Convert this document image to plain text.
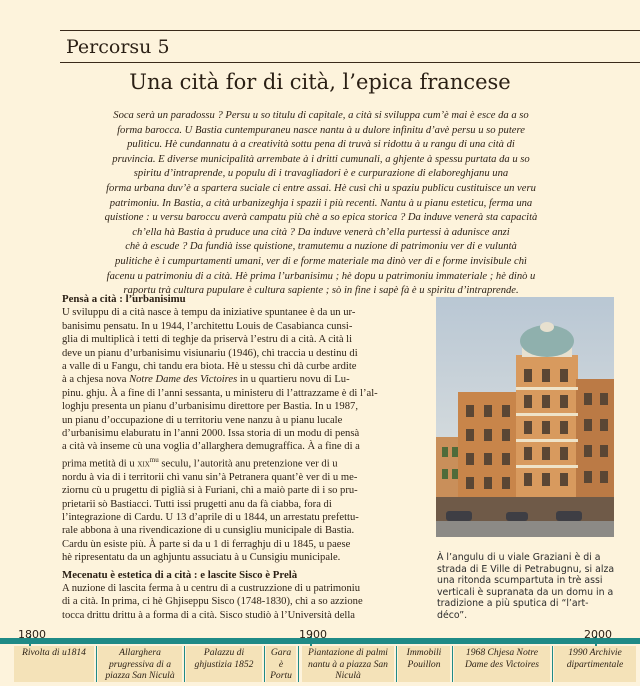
Percorsu 5
Una cità for di cità, l’epica francese

Soca serà un paradossu ? Persu u so titulu di capitale, a cità si sviluppa cum’è mai è esce da a so

forma barocca. U Bastia cuntempuraneu nasce nantu à u dulore infinitu d’avè persu u so putere

pulìticu. Hè cundannatu à a creatività sottu pena di truvà si ridottu à u rangu di una cità di

pruvincia. E diverse municipalità arrembate à i dritti cumunali, a ghjente à spessu purtata da u so

spiritu d’intraprende, u populu di i travagliadori è e curpurazione di elaboreghjanu una

forma urbana duv’è a spartera suciale ci entre assai. Hè cusì chì u spaziu publicu custituisce un veru

patrimoniu. In Bastia, a cità urbanizeghja i spazii i più recenti. Nantu à u pianu esteticu, ferma una

quistione : u versu baroccu averà campatu più chè a so epica storica ? Da induve venerà sta capacità

ch’ella hà Bastia à pruduce una cità ? Da induve venerà ch’ella purtessi à adunisce anzi

chè à escude ? Da fundià isse quistione, tramutemu a nuzione di patrimoniu ver di e vuluntà

pulitiche è i cumpurtamenti umani, ver di e forme materiale ma dinò ver di e forme invisibule chì

facenu u patrimoniu di a cità. Hè prima l’urbanisimu ; hè dopu u patrimoniu immateriale ; hè dinò u

raportu trà cultura pupulare è cultura sapiente ; sò in fine i sapè fà è u spiritu d’intraprende.

Pensà a cità : l’urbanisimu

U sviluppu di a cità nasce à tempu da iniziative spuntanee è da un ur-

banisimu pensatu. In u 1944, l’architettu Louis de Casabianca cunsi-

glia di multiplicà i tetti di teghje da priservà l’estru di a cità. A cità li

deve un pianu d’urbanisimu visiunariu (1946), chì traccia u destinu di

a valle di u Fangu, chì tandu era biota. Hè u stessu chì dà curbe ardite

à a chjesa nova Notre Dame des Victoires in u quartieru novu di Lu-

pinu. ghju. À a fine di l’anni sessanta, u ministeru di l’attrazzame è di l’al-

loghju presenta un pianu d’urbanisimu direttore per Bastia. In u 1987,

un pianu d’occupazione di u territoriu vene nanzu à u pianu lucale

d’urbanisimu elaburatu in l’anni 2000. Issa storia di un modu di pensà

a cità và inseme cù una voglia d’allarghera demugraffica. À a fine di a

prima metità di u xix$^{mu}$ seculu, l’autorità anu pretenzione ver di u

nordu à via di i territorii chì vanu sin’à Petranera quant’è ver di u me-

ziornu cù u prugettu di piglià si à Furiani, chì a maiò parte di i so pru-

prietarii sò Bastiacci. Tutti issi prugetti anu da fà ciabba, fora di

l’integrazione di Cardu. U 13 d’aprile di u 1844, un arrestatu prefettu-

rale abbona à una rivendicazione di u cunsigliu municipale di Bastia.

Cardu ùn esiste più. À parte si da u 1 di ferraghju di u 1845, u paese

hè ripresentatu da un aghjuntu assuciatu à u Cunsigiu municipale.

Mecenatu è estetica di a cità : e lascite Sisco è Prelà

A nuzione di lascita ferma à u centru di a custruzzione di u patrimoniu

di a cità. In prima, ci hè Ghjiseppu Sisco (1748-1830), chì a so azzione

tocca drittu drittu à a forma di a cità. Sisco studiò à l’Università della

À l’angulu di u viale Graziani è di a strada di E Ville di Petrabugnu, si alza una ritonda scumpartuta in trè assi verticali è supranata da un domu in a tradizione a più sputica di “l’art-déco”.
1800	1900	2000
Rivolta di u1814	Allarghera prugressiva di a piazza San Niculà
Palazzu di ghjustizia 1852
Gara è Portu
Piantazione di palmi nantu à a piazza San Niculà
Immobili Pouillon
1968 Chjesa Notre Dame des Victoires
1990 Archivie dipartimentale
